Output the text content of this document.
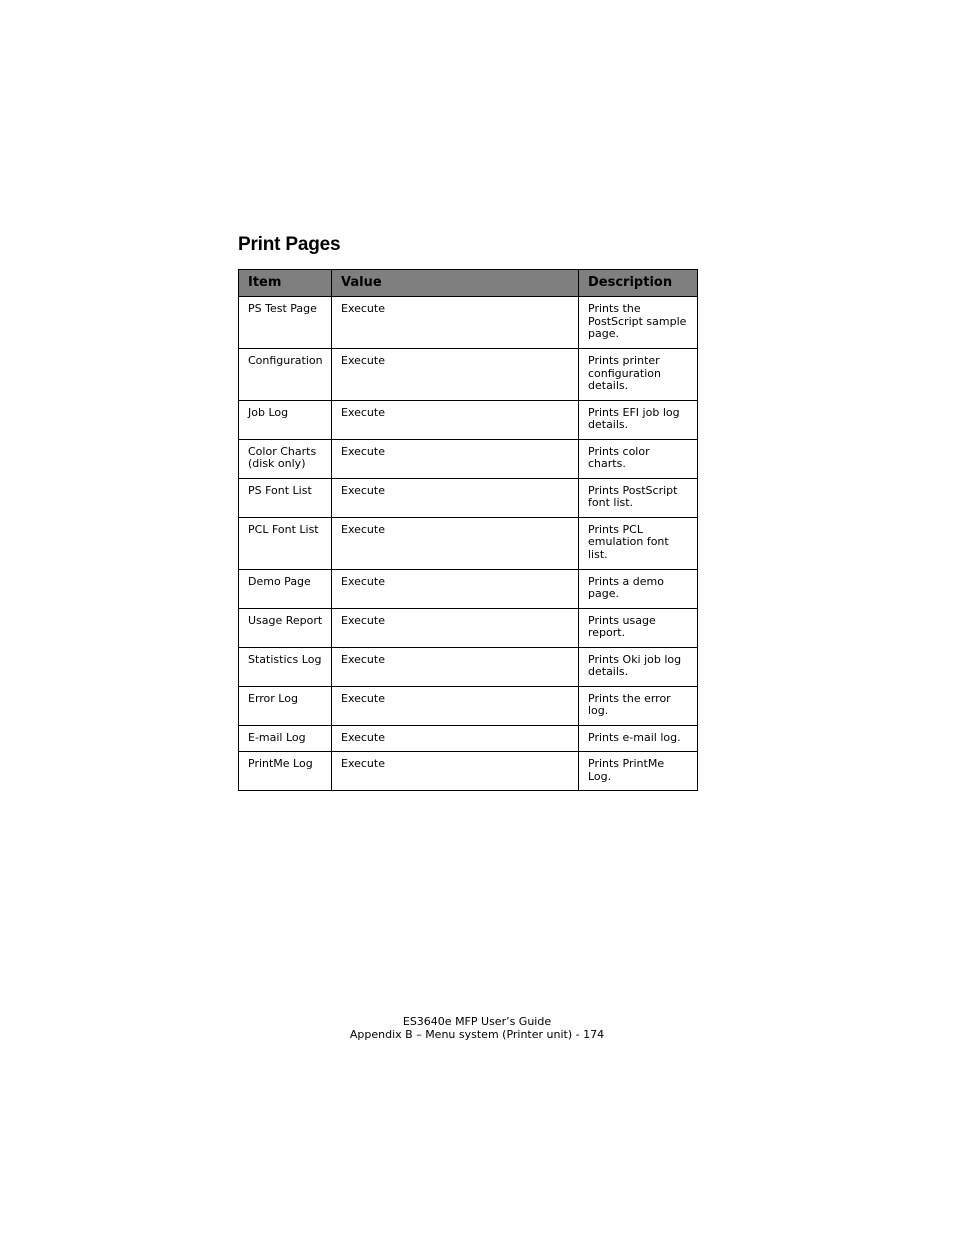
Print Pages
Item	Value	Description
PS Test Page	Execute	Prints the PostScript sample page.
Configuration	Execute	Prints printer configuration details.
Job Log	Execute	Prints EFI job log details.
Color Charts (disk only)	Execute	Prints color charts.
PS Font List	Execute	Prints PostScript font list.
PCL Font List	Execute	Prints PCL emulation font list.
Demo Page	Execute	Prints a demo page.
Usage Report	Execute	Prints usage report.
Statistics Log	Execute	Prints Oki job log details.
Error Log	Execute	Prints the error log.
E-mail Log	Execute	Prints e-mail log.
PrintMe Log	Execute	Prints PrintMe Log.
ES3640e MFP User’s Guide
Appendix B – Menu system (Printer unit) - 174
